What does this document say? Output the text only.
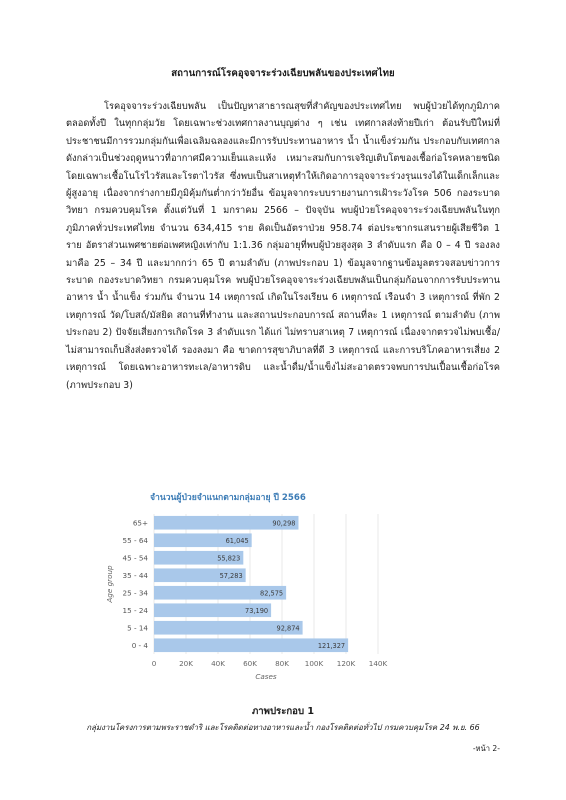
สถานการณ์โรคอุจจาระร่วงเฉียบพลันของประเทศไทย

โรคอุจจาระร่วงเฉียบพลัน เป็นปัญหาสาธารณสุขที่สำคัญของประเทศไทย พบผู้ป่วยได้ทุกภูมิภาคตลอดทั้งปี ในทุกกลุ่มวัย โดยเฉพาะช่วงเทศกาลงานบุญต่าง ๆ เช่น เทศกาลส่งท้ายปีเก่า ต้อนรับปีใหม่ที่ประชาชนมีการรวมกลุ่มกันเพื่อเฉลิมฉลองและมีการรับประทานอาหาร น้ำ น้ำแข็งร่วมกัน ประกอบกับเทศกาลดังกล่าวเป็นช่วงฤดูหนาวที่อากาศมีความเย็นและแห้ง เหมาะสมกับการเจริญเติบโตของเชื้อก่อโรคหลายชนิดโดยเฉพาะเชื้อโนโรไวรัสและโรตาไวรัส ซึ่งพบเป็นสาเหตุทำให้เกิดอาการอุจจาระร่วงรุนแรงได้ในเด็กเล็กและผู้สูงอายุ เนื่องจากร่างกายมีภูมิคุ้มกันต่ำกว่าวัยอื่น ข้อมูลจากระบบรายงานการเฝ้าระวังโรค 506 กองระบาดวิทยา กรมควบคุมโรค ตั้งแต่วันที่ 1 มกราคม 2566 – ปัจจุบัน พบผู้ป่วยโรคอุจจาระร่วงเฉียบพลันในทุกภูมิภาคทั่วประเทศไทย จำนวน 634,415 ราย คิดเป็นอัตราป่วย 958.74 ต่อประชากรแสนรายผู้เสียชีวิต 1 ราย อัตราส่วนเพศชายต่อเพศหญิงเท่ากับ 1:1.36 กลุ่มอายุที่พบผู้ป่วยสูงสุด 3 ลำดับแรก คือ 0 – 4 ปี รองลงมาคือ 25 – 34 ปี และมากกว่า 65 ปี ตามลำดับ (ภาพประกอบ 1) ข้อมูลจากฐานข้อมูลตรวจสอบข่าวการระบาด กองระบาดวิทยา กรมควบคุมโรค พบผู้ป่วยโรคอุจจาระร่วงเฉียบพลันเป็นกลุ่มก้อนจากการรับประทานอาหาร น้ำ น้ำแข็ง ร่วมกัน จำนวน 14 เหตุการณ์ เกิดในโรงเรียน 6 เหตุการณ์ เรือนจำ 3 เหตุการณ์ ที่พัก 2 เหตุการณ์ วัด/โบสถ์/มัสยิด สถานที่ทำงาน และสถานประกอบการณ์ สถานที่ละ 1 เหตุการณ์ ตามลำดับ (ภาพประกอบ 2) ปัจจัยเสี่ยงการเกิดโรค 3 ลำดับแรก ได้แก่ ไม่ทราบสาเหตุ 7 เหตุการณ์ เนื่องจากตรวจไม่พบเชื้อ/ไม่สามารถเก็บสิ่งส่งตรวจได้ รองลงมา คือ ขาดการสุขาภิบาลที่ดี 3 เหตุการณ์ และการบริโภคอาหารเสี่ยง 2 เหตุการณ์ โดยเฉพาะอาหารทะเล/อาหารดิบ และน้ำดื่ม/น้ำแข็งไม่สะอาดตรวจพบการปนเปื้อนเชื้อก่อโรค (ภาพประกอบ 3)

จำนวนผู้ป่วยจำแนกตามกลุ่มอายุ ปี 2566
0	20K	40K	60K	80K 100K 120K 140K
65+	90,298
55 - 64	61,045
45 - 54	55,823
35 - 44	57,283
25 - 34	82,575
15 - 24	73,190
5 - 14	92,874
0 - 4	121,327
Cases
Age group
ภาพประกอบ 1
กลุ่มงานโครงการตามพระราชดำริ และโรคติดต่อทางอาหารและน้ำ กองโรคติดต่อทั่วไป กรมควบคุมโรค 24 พ.ย. 66
-หน้า 2-
